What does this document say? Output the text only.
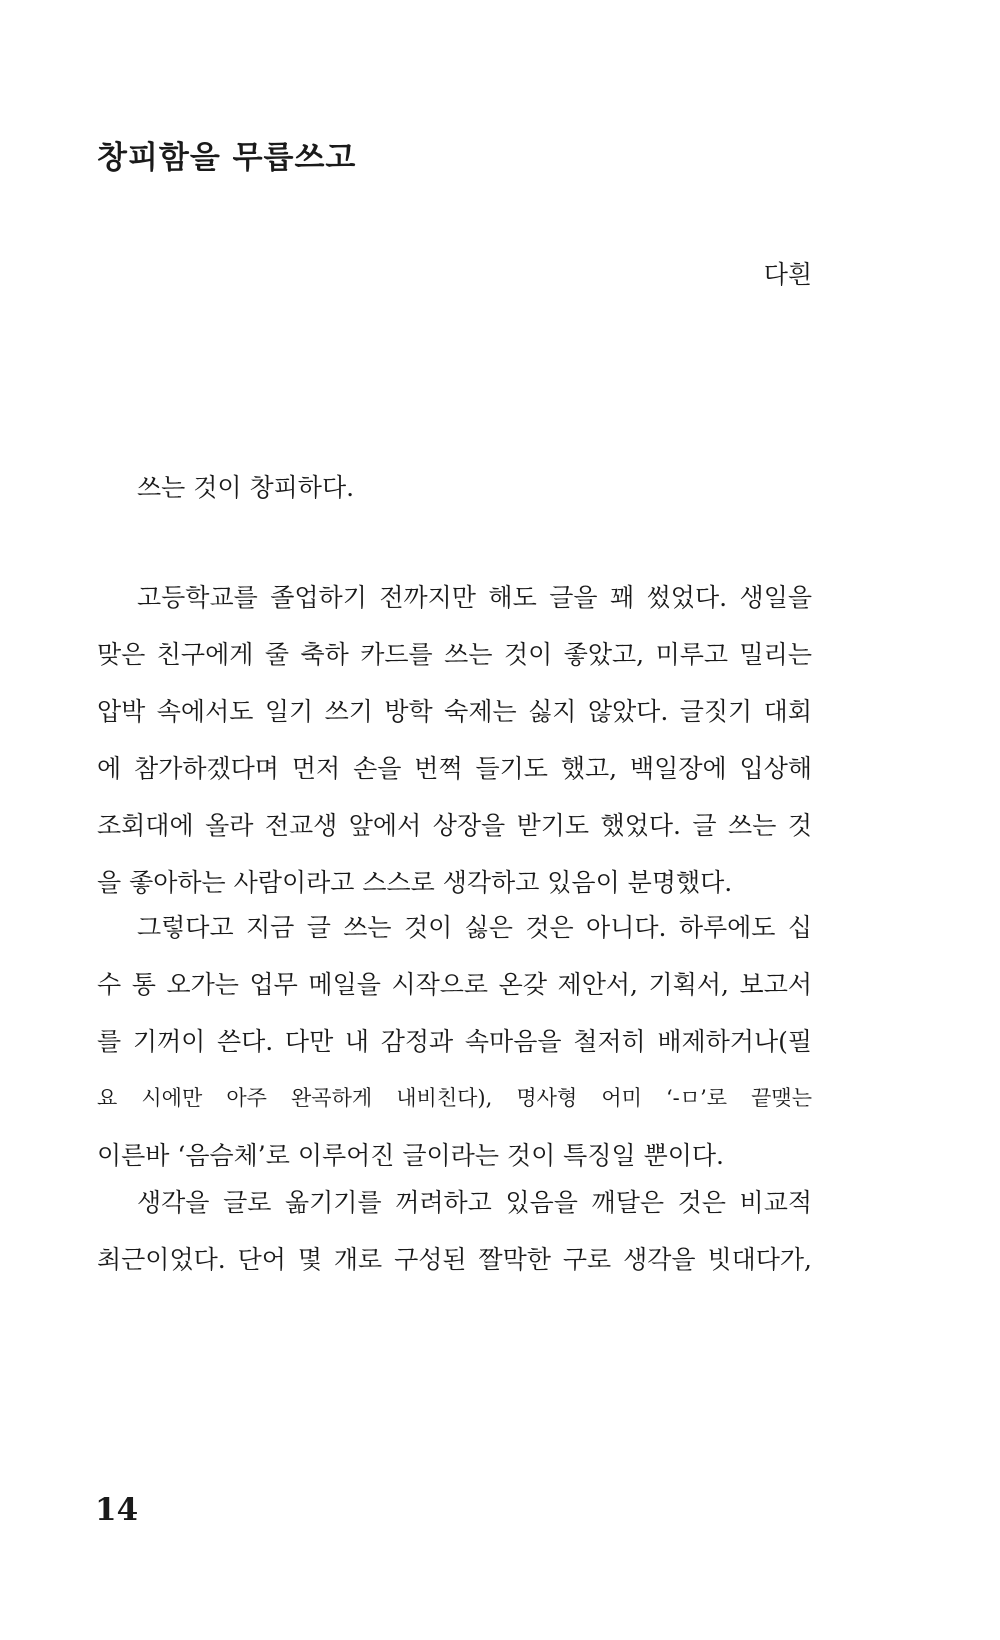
창피함을 무릅쓰고

다흰

쓰는 것이 창피하다.
고등학교를 졸업하기 전까지만 해도 글을 꽤 썼었다. 생일을
맞은 친구에게 줄 축하 카드를 쓰는 것이 좋았고, 미루고 밀리는
압박 속에서도 일기 쓰기 방학 숙제는 싫지 않았다. 글짓기 대회
에 참가하겠다며 먼저 손을 번쩍 들기도 했고, 백일장에 입상해
조회대에 올라 전교생 앞에서 상장을 받기도 했었다. 글 쓰는 것
을 좋아하는 사람이라고 스스로 생각하고 있음이 분명했다.
그렇다고 지금 글 쓰는 것이 싫은 것은 아니다. 하루에도 십
수 통 오가는 업무 메일을 시작으로 온갖 제안서, 기획서, 보고서
를 기꺼이 쓴다. 다만 내 감정과 속마음을 철저히 배제하거나(필
요 시에만 아주 완곡하게 내비친다), 명사형 어미 ‘-ㅁ’로 끝맺는
이른바 ‘음슴체’로 이루어진 글이라는 것이 특징일 뿐이다.
생각을 글로 옮기기를 꺼려하고 있음을 깨달은 것은 비교적
최근이었다. 단어 몇 개로 구성된 짤막한 구로 생각을 빗대다가,

14
